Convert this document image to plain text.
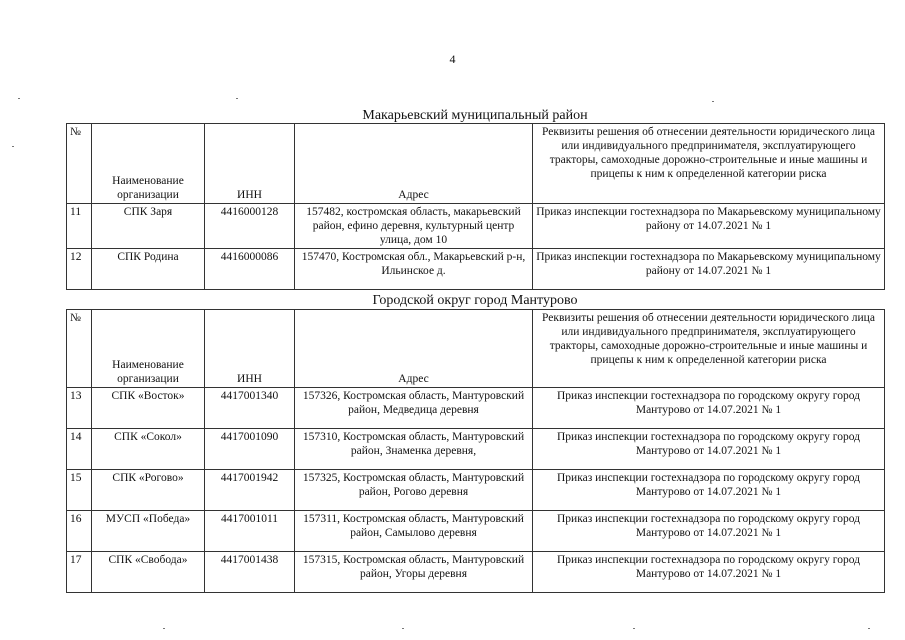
4
Макарьевский муниципальный район
№	Наименование организации	ИНН	Адрес	Реквизиты решения об отнесении деятельности юридического лица или индивидуального предпринимателя, эксплуатирующего тракторы, самоходные дорожно-строительные и иные машины и прицепы к ним к определенной категории риска
11	СПК Заря	4416000128	157482, костромская область, макарьевский район, ефино деревня, культурный центр улица, дом 10	Приказ инспекции гостехнадзора по Макарьевскому муниципальному району от 14.07.2021 № 1
12	СПК Родина	4416000086	157470, Костромская обл., Макарьевский р-н, Ильинское д.	Приказ инспекции гостехнадзора по Макарьевскому муниципальному району от 14.07.2021 № 1
Городской округ город Мантурово
№	Наименование организации	ИНН	Адрес	Реквизиты решения об отнесении деятельности юридического лица или индивидуального предпринимателя, эксплуатирующего тракторы, самоходные дорожно-строительные и иные машины и прицепы к ним к определенной категории риска
13	СПК «Восток»	4417001340	157326, Костромская область, Мантуровский район, Медведица деревня	Приказ инспекции гостехнадзора по городскому округу город Мантурово от 14.07.2021 № 1
14	СПК «Сокол»	4417001090	157310, Костромская область, Мантуровский район, Знаменка деревня,	Приказ инспекции гостехнадзора по городскому округу город Мантурово от 14.07.2021 № 1
15	СПК «Рогово»	4417001942	157325, Костромская область, Мантуровский район, Рогово деревня	Приказ инспекции гостехнадзора по городскому округу город Мантурово от 14.07.2021 № 1
16	МУСП «Победа»	4417001011	157311, Костромская область, Мантуровский район, Самылово деревня	Приказ инспекции гостехнадзора по городскому округу город Мантурово от 14.07.2021 № 1
17	СПК «Свобода»	4417001438	157315, Костромская область, Мантуровский район, Угоры деревня	Приказ инспекции гостехнадзора по городскому округу город Мантурово от 14.07.2021 № 1
